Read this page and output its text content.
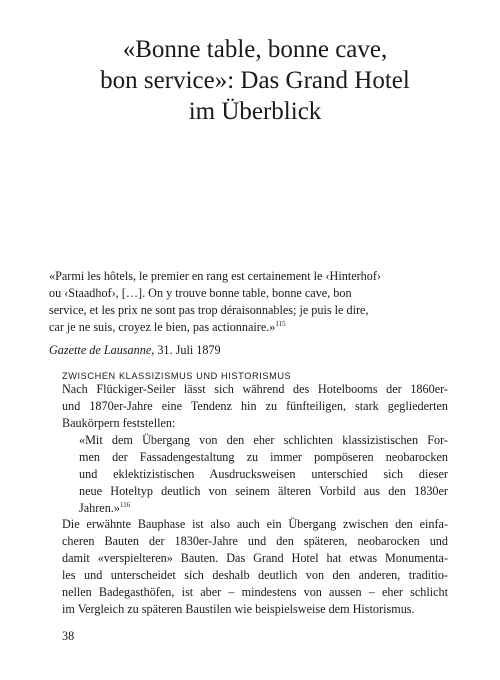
«Bonne table, bonne cave,
bon service»: Das Grand Hotel
im Überblick

«Parmi les hôtels, le premier en rang est certainement le ‹Hinterhof›
ou ‹Staadhof›, […]. On y trouve bonne table, bonne cave, bon
service, et les prix ne sont pas trop déraisonnables; je puis le dire,
car je ne suis, croyez le bien, pas actionnaire.»$^{115}$

Gazette de Lausanne, 31. Juli 1879

ZWISCHEN KLASSIZISMUS UND HISTORISMUS

Nach Flückiger-Seiler lässt sich während des Hotelbooms der 1860er-
und 1870er-Jahre eine Tendenz hin zu fünfteiligen, stark gegliederten
Baukörpern feststellen:

«Mit dem Übergang von den eher schlichten klassizistischen For-
men der Fassadengestaltung zu immer pompöseren neobarocken
und eklektizistischen Ausdrucksweisen unterschied sich dieser
neue Hoteltyp deutlich von seinem älteren Vorbild aus den 1830er
Jahren.»$^{116}$

Die erwähnte Bauphase ist also auch ein Übergang zwischen den einfa-
cheren Bauten der 1830er-Jahre und den späteren, neobarocken und
damit «verspielteren» Bauten. Das Grand Hotel hat etwas Monumenta-
les und unterscheidet sich deshalb deutlich von den anderen, traditio-
nellen Badegasthöfen, ist aber – mindestens von aussen – eher schlicht
im Vergleich zu späteren Baustilen wie beispielsweise dem Historismus.

38
